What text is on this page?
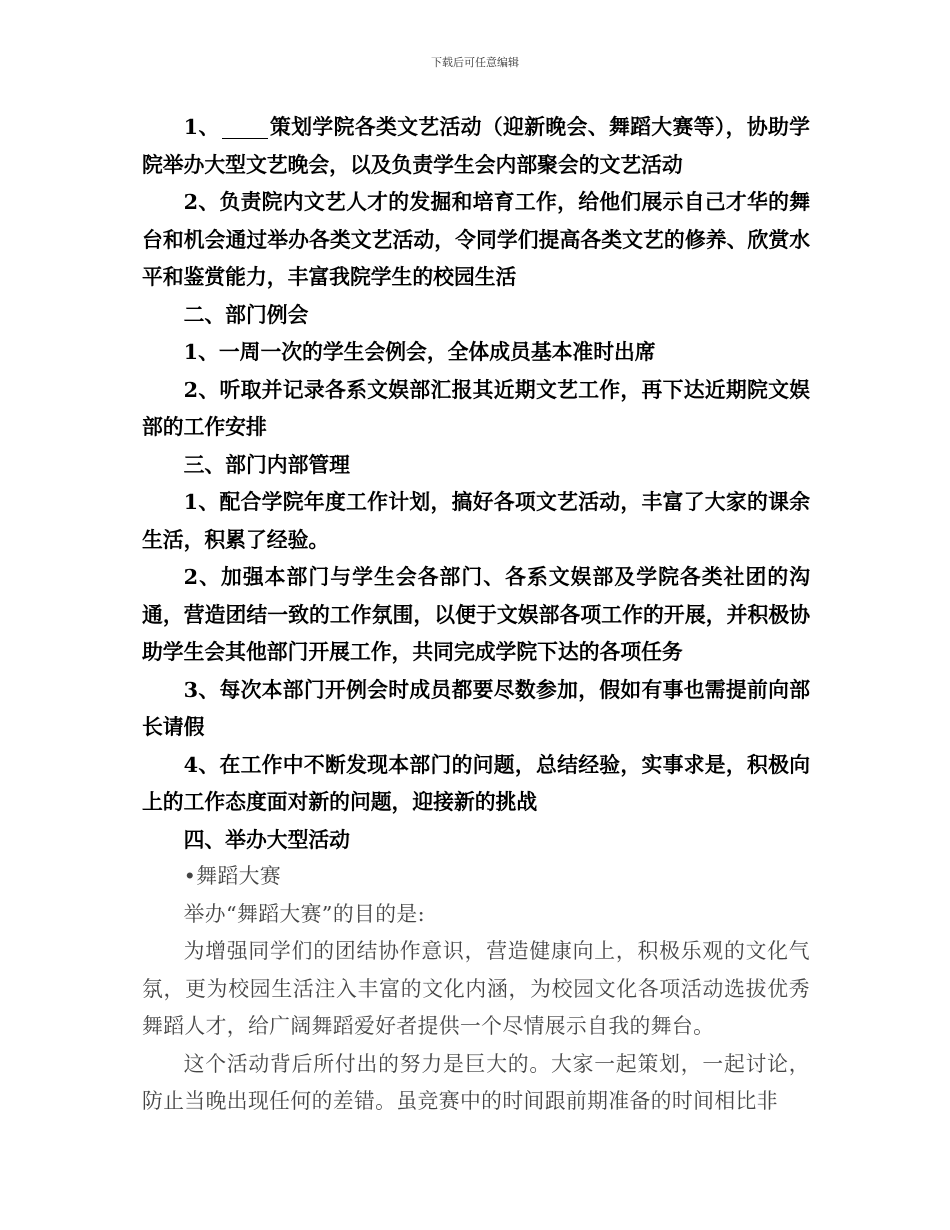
下载后可任意编辑

1、 策划学院各类文艺活动（迎新晚会、舞蹈大赛等），协助学院举办大型文艺晚会，以及负责学生会内部聚会的文艺活动

2、负责院内文艺人才的发掘和培育工作，给他们展示自己才华的舞台和机会通过举办各类文艺活动，令同学们提高各类文艺的修养、欣赏水平和鉴赏能力，丰富我院学生的校园生活

二、部门例会

1、一周一次的学生会例会，全体成员基本准时出席

2、听取并记录各系文娱部汇报其近期文艺工作，再下达近期院文娱部的工作安排

三、部门内部管理

1、配合学院年度工作计划，搞好各项文艺活动，丰富了大家的课余生活，积累了经验。

2、加强本部门与学生会各部门、各系文娱部及学院各类社团的沟通，营造团结一致的工作氛围，以便于文娱部各项工作的开展，并积极协助学生会其他部门开展工作，共同完成学院下达的各项任务

3、每次本部门开例会时成员都要尽数参加，假如有事也需提前向部长请假

4、在工作中不断发现本部门的问题，总结经验，实事求是，积极向上的工作态度面对新的问题，迎接新的挑战

四、举办大型活动

•舞蹈大赛

举办“舞蹈大赛”的目的是:

为增强同学们的团结协作意识，营造健康向上，积极乐观的文化气氛，更为校园生活注入丰富的文化内涵，为校园文化各项活动选拔优秀舞蹈人才，给广阔舞蹈爱好者提供一个尽情展示自我的舞台。

这个活动背后所付出的努力是巨大的。大家一起策划，一起讨论，防止当晚出现任何的差错。虽竞赛中的时间跟前期准备的时间相比非
